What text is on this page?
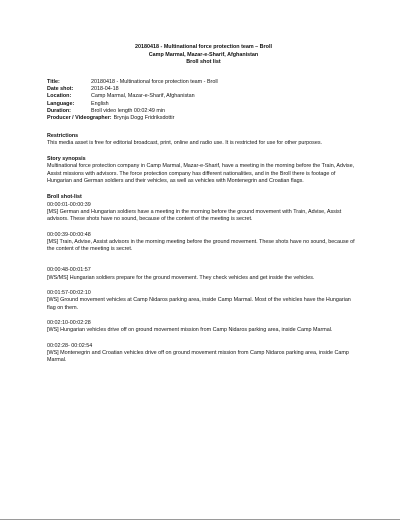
20180418 - Multinational force protection team – Broll
Camp Marmal, Mazar-e-Sharif, Afghanistan
Broll shot list
Title:	20180418 - Multinational force protection team - Broll
Date shot:	2018-04-18
Location:	Camp Marmal, Mazar-e-Sharif, Afghanistan
Language:	English
Duration:	Broll video length 00:02:49 min
Producer / Videographer: Brynja Dogg Fridriksdottir
Restrictions
This media asset is free for editorial broadcast, print, online and radio use. It is restricted for use for other purposes.
Story synopsis
Multinational force protection company in Camp Marmal, Mazar-e-Sharif, have a meeting in the morning before the Train, Advise, Assist missions with advisors. The force protection company has different nationalities, and in the Broll there is footage of Hungarian and German soldiers and their vehicles, as well as vehicles with Montenegrin and Croatian flags.
Broll shot-list
00:00:01-00:00:39
[MS] German and Hungarian soldiers have a meeting in the morning before the ground movement with Train, Advise, Assist advisors. These shots have no sound, because of the content of the meeting is secret.
00:00:39-00:00:48
[MS] Train, Advise, Assist advisors in the morning meeting before the ground movement. These shots have no sound, because of the content of the meeting is secret.
00:00:48-00:01:57
[WS/MS] Hungarian soldiers prepare for the ground movement. They check vehicles and get inside the vehicles.
00:01:57-00:02:10
[WS] Ground movement vehicles at Camp Nidaros parking area, inside Camp Marmal. Most of the vehicles have the Hungarian flag on them.
00:02:10-00:02:28
[WS] Hungarian vehicles drive off on ground movement mission from Camp Nidaros parking area, inside Camp Marmal.
00:02:28- 00:02:54
[WS] Montenegrin and Croatian vehicles drive off on ground movement mission from Camp Nidaros parking area, inside Camp Marmal.
